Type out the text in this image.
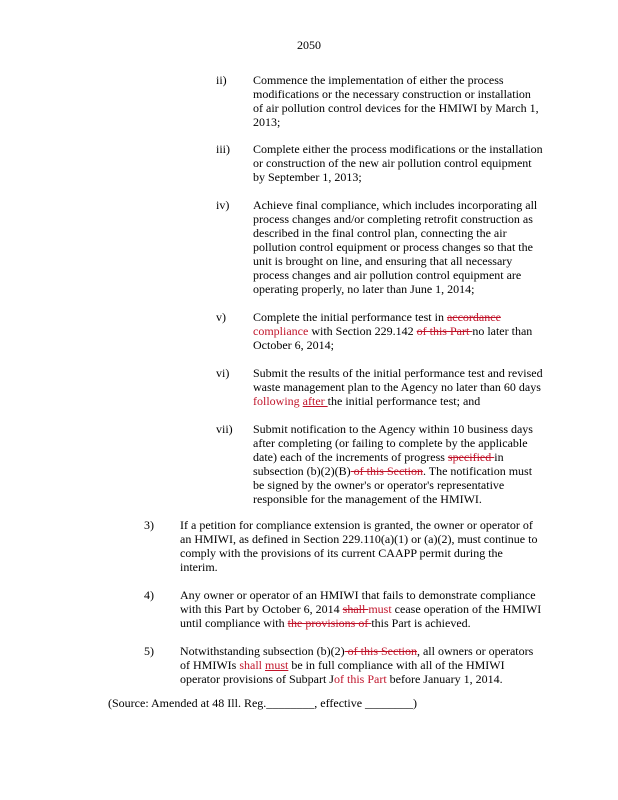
2050
ii) Commence the implementation of either the process modifications or the necessary construction or installation of air pollution control devices for the HMIWI by March 1, 2013;
iii) Complete either the process modifications or the installation or construction of the new air pollution control equipment by September 1, 2013;
iv) Achieve final compliance, which includes incorporating all process changes and/or completing retrofit construction as described in the final control plan, connecting the air pollution control equipment or process changes so that the unit is brought on line, and ensuring that all necessary process changes and air pollution control equipment are operating properly, no later than June 1, 2014;
v) Complete the initial performance test in accordance compliance with Section 229.142 of this Part no later than October 6, 2014;
vi) Submit the results of the initial performance test and revised waste management plan to the Agency no later than 60 days following after the initial performance test; and
vii) Submit notification to the Agency within 10 business days after completing (or failing to complete by the applicable date) each of the increments of progress specified in subsection (b)(2)(B) of this Section. The notification must be signed by the owner's or operator's representative responsible for the management of the HMIWI.
3) If a petition for compliance extension is granted, the owner or operator of an HMIWI, as defined in Section 229.110(a)(1) or (a)(2), must continue to comply with the provisions of its current CAAPP permit during the interim.
4) Any owner or operator of an HMIWI that fails to demonstrate compliance with this Part by October 6, 2014 shall must cease operation of the HMIWI until compliance with the provisions of this Part is achieved.
5) Notwithstanding subsection (b)(2) of this Section, all owners or operators of HMIWIs shall must be in full compliance with all of the HMIWI operator provisions of Subpart Jof this Part before January 1, 2014.
(Source: Amended at 48 Ill. Reg.________, effective ________)
